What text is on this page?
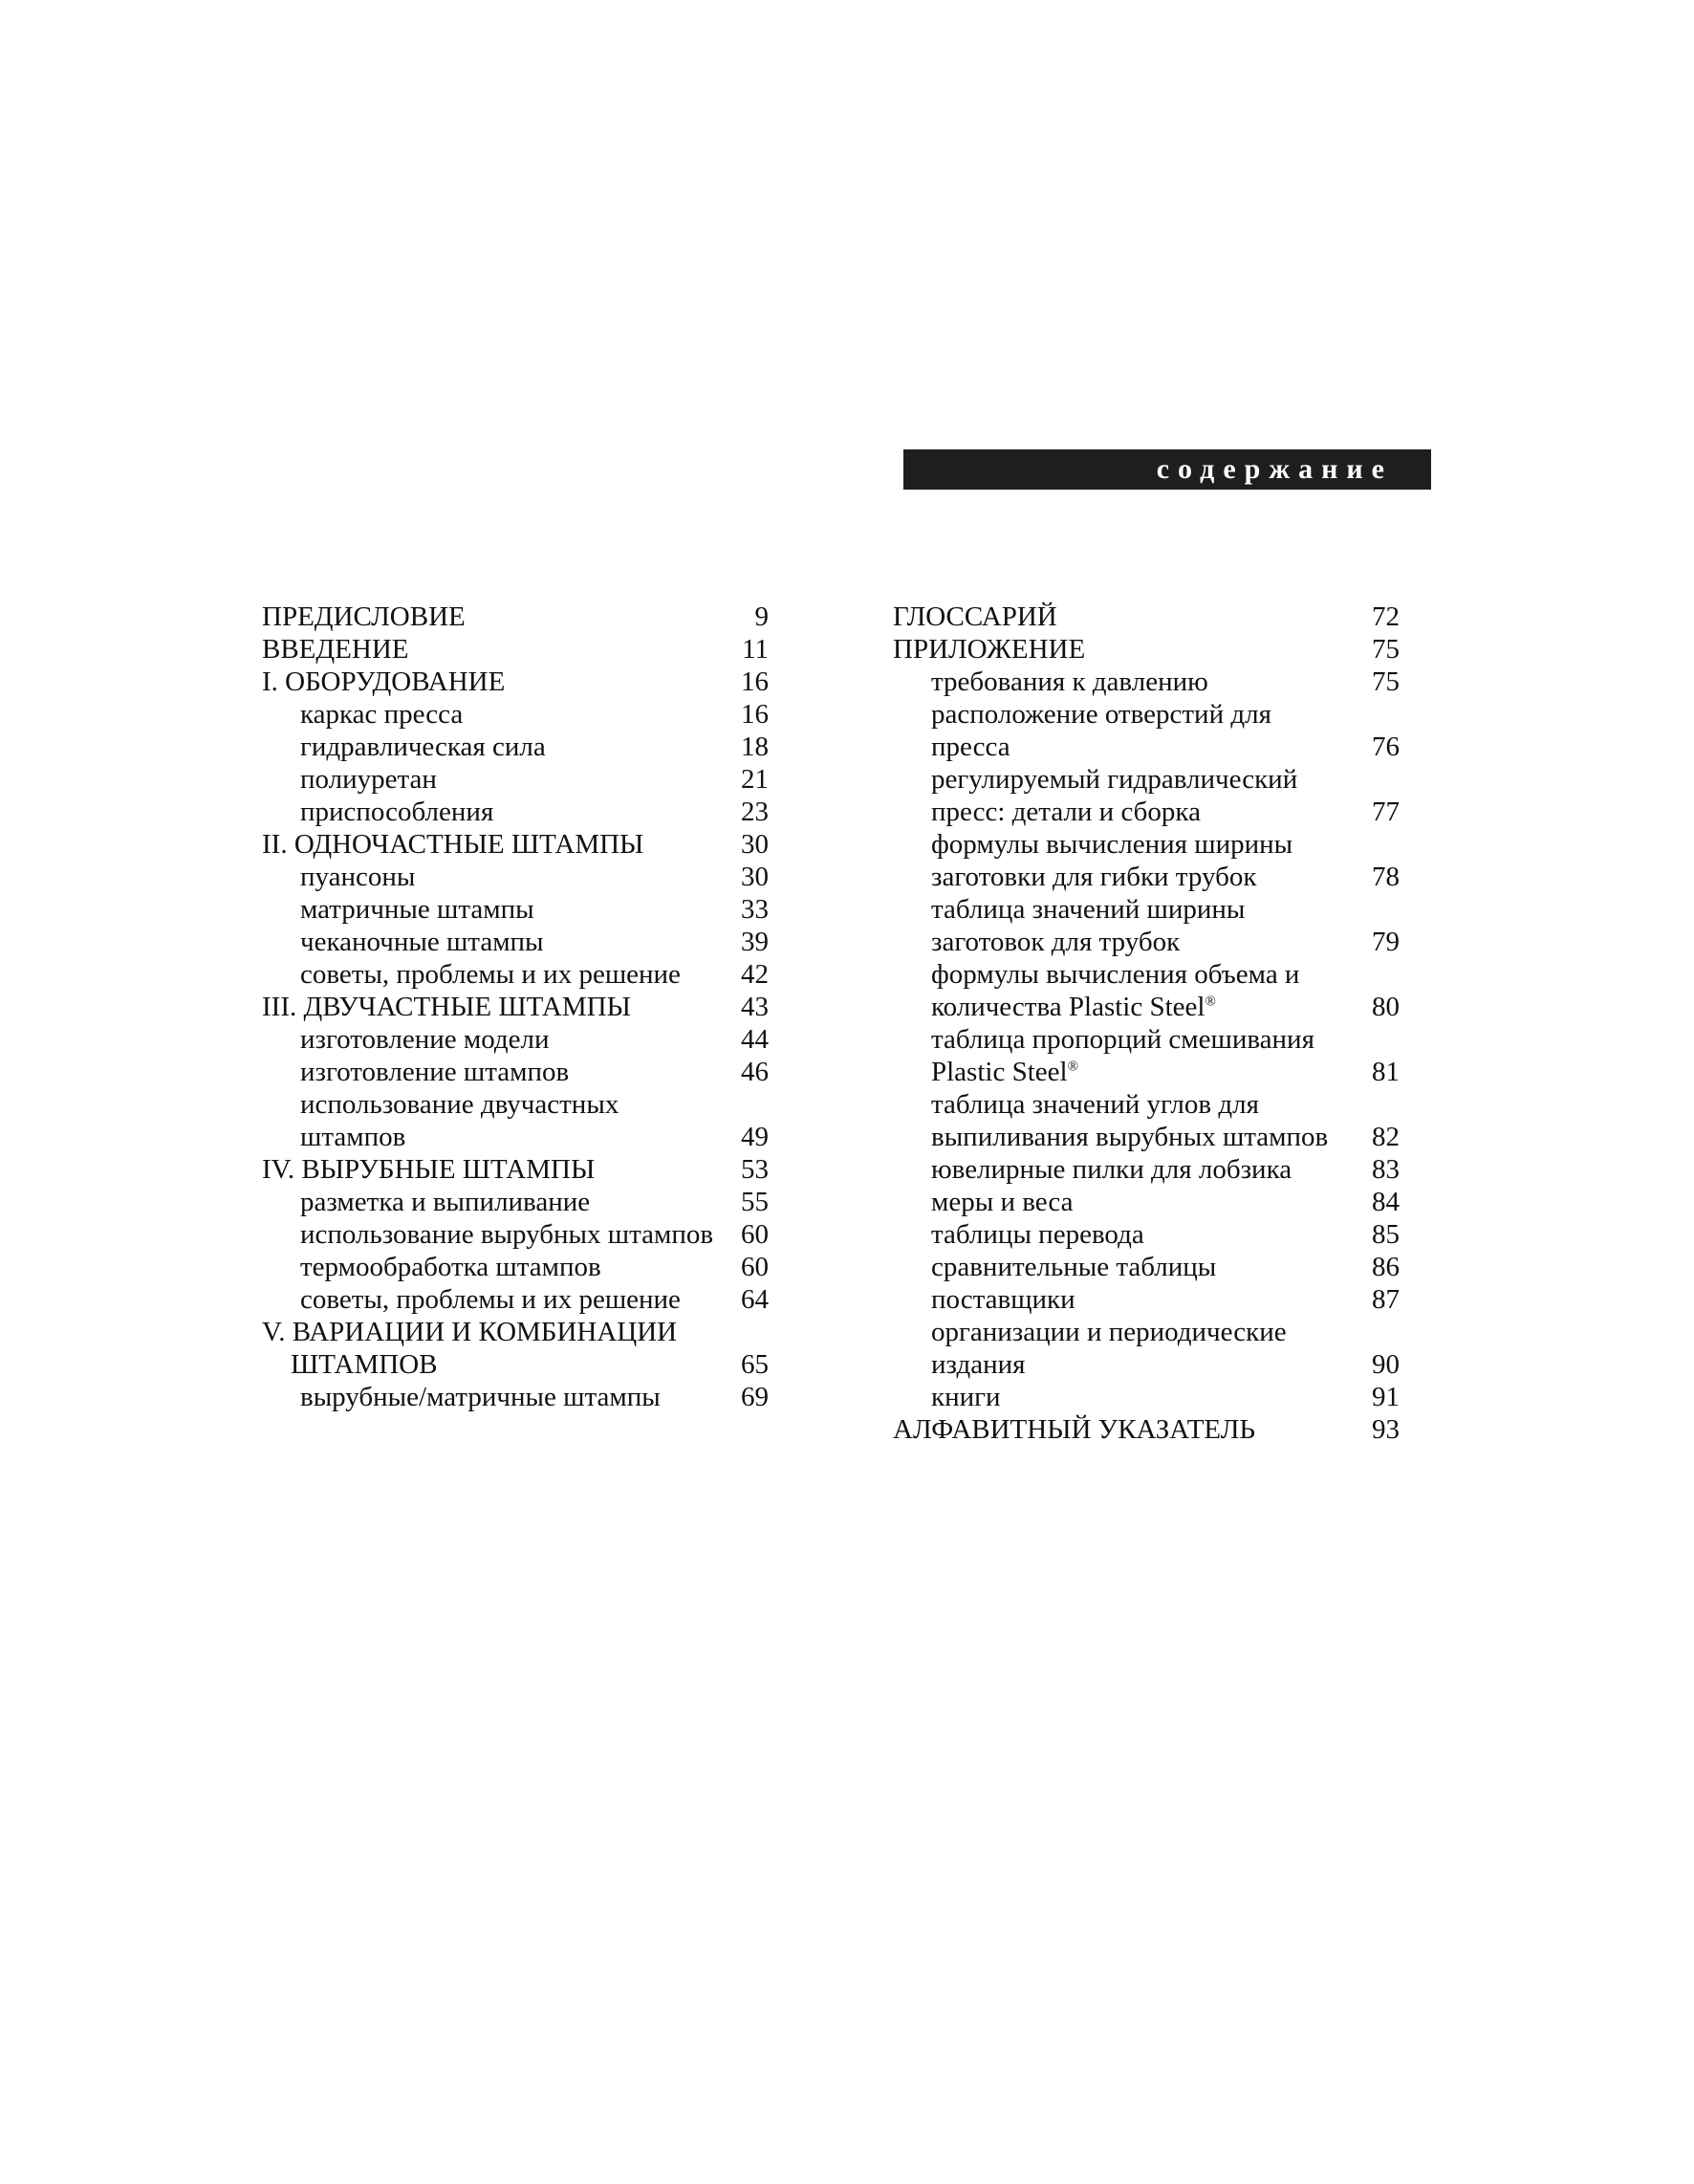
содержание
ПРЕДИСЛОВИЕ	9
ВВЕДЕНИЕ	11
I. ОБОРУДОВАНИЕ	16
каркас пресса	16
гидравлическая сила	18
полиуретан	21
приспособления	23
II. ОДНОЧАСТНЫЕ ШТАМПЫ	30
пуансоны	30
матричные штампы	33
чеканочные штампы	39
советы, проблемы и их решение 42
III. ДВУЧАСТНЫЕ ШТАМПЫ	43
изготовление модели	44
изготовление штампов	46
использование двучастных
штампов	49
IV. ВЫРУБНЫЕ ШТАМПЫ	53
разметка и выпиливание	55
использование вырубных штампов 60
термообработка штампов	60
советы, проблемы и их решение 64
V. ВАРИАЦИИ И КОМБИНАЦИИ
ШТАМПОВ	65
вырубные/матричные штампы	69
ГЛОССАРИЙ	72
ПРИЛОЖЕНИЕ	75
требования к давлению	75
расположение отверстий для
пресса	76
регулируемый гидравлический
пресс: детали и сборка	77
формулы вычисления ширины
заготовки для гибки трубок	78
таблица значений ширины
заготовок для трубок	79
формулы вычисления объема и
количества Plastic Steel®	80
таблица пропорций смешивания
Plastic Steel®	81
таблица значений углов для
выпиливания вырубных штампов 82
ювелирные пилки для лобзика	83
меры и веса	84
таблицы перевода	85
сравнительные таблицы	86
поставщики	87
организации и периодические
издания	90
книги	91
АЛФАВИТНЫЙ УКАЗАТЕЛЬ	93
